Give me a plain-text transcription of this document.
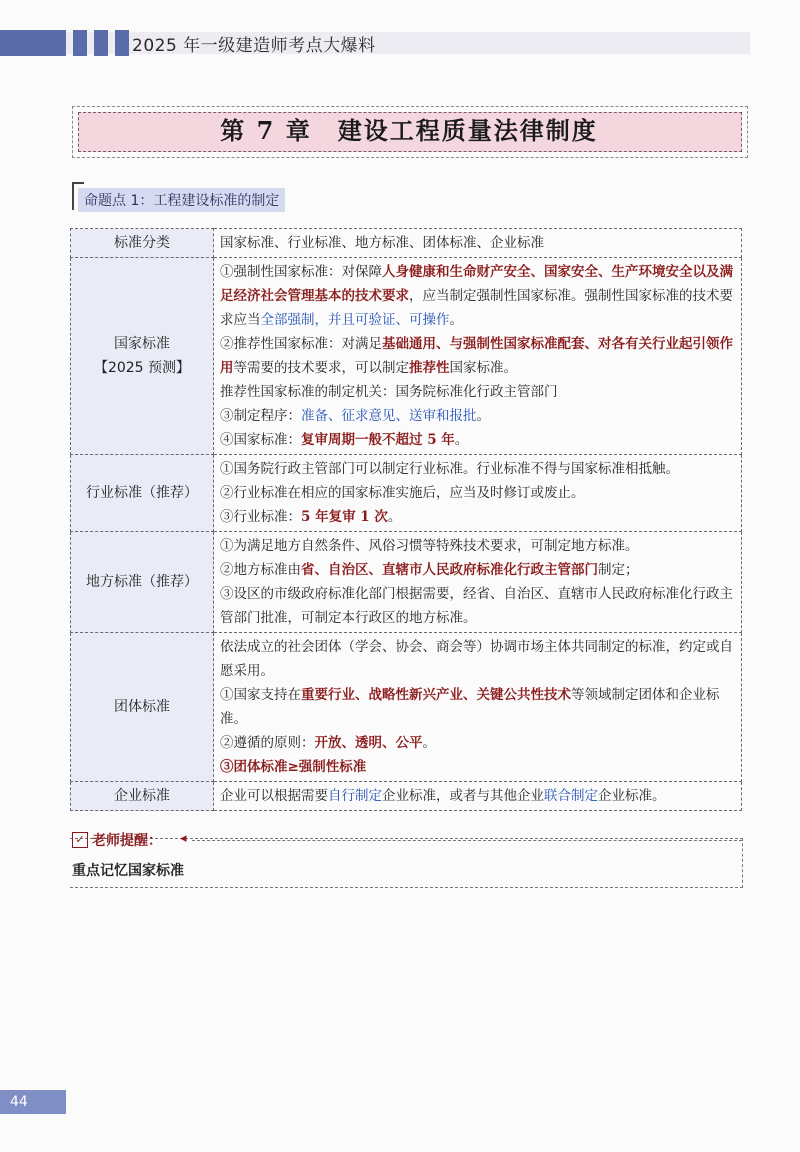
2025 年一级建造师考点大爆料
第 7 章　建设工程质量法律制度
命题点 1：工程建设标准的制定
标准分类	国家标准、行业标准、地方标准、团体标准、企业标准

国家标准
【2025 预测】	①强制性国家标准：对保障人身健康和生命财产安全、国家安全、生产环境安全以及满足经济社会管理基本的技术要求，应当制定强制性国家标准。强制性国家标准的技术要求应当全部强制，并且可验证、可操作。
②推荐性国家标准：对满足基础通用、与强制性国家标准配套、对各有关行业起引领作用等需要的技术要求，可以制定推荐性国家标准。
推荐性国家标准的制定机关：国务院标准化行政主管部门
③制定程序：准备、征求意见、送审和报批。
④国家标准：复审周期一般不超过 5 年。

行业标准（推荐）	①国务院行政主管部门可以制定行业标准。行业标准不得与国家标准相抵触。
②行业标准在相应的国家标准实施后，应当及时修订或废止。
③行业标准：5 年复审 1 次。

地方标准（推荐）	①为满足地方自然条件、风俗习惯等特殊技术要求，可制定地方标准。
②地方标准由省、自治区、直辖市人民政府标准化行政主管部门制定；
③设区的市级政府标准化部门根据需要，经省、自治区、直辖市人民政府标准化行政主管部门批准，可制定本行政区的地方标准。

团体标准	依法成立的社会团体（学会、协会、商会等）协调市场主体共同制定的标准，约定或自愿采用。
①国家支持在重要行业、战略性新兴产业、关键公共性技术等领域制定团体和企业标准。
②遵循的原则：开放、透明、公平。
③团体标准≥强制性标准

企业标准	企业可以根据需要自行制定企业标准，或者与其他企业联合制定企业标准。
✓ 老师提醒： ◂
重点记忆国家标准
44
